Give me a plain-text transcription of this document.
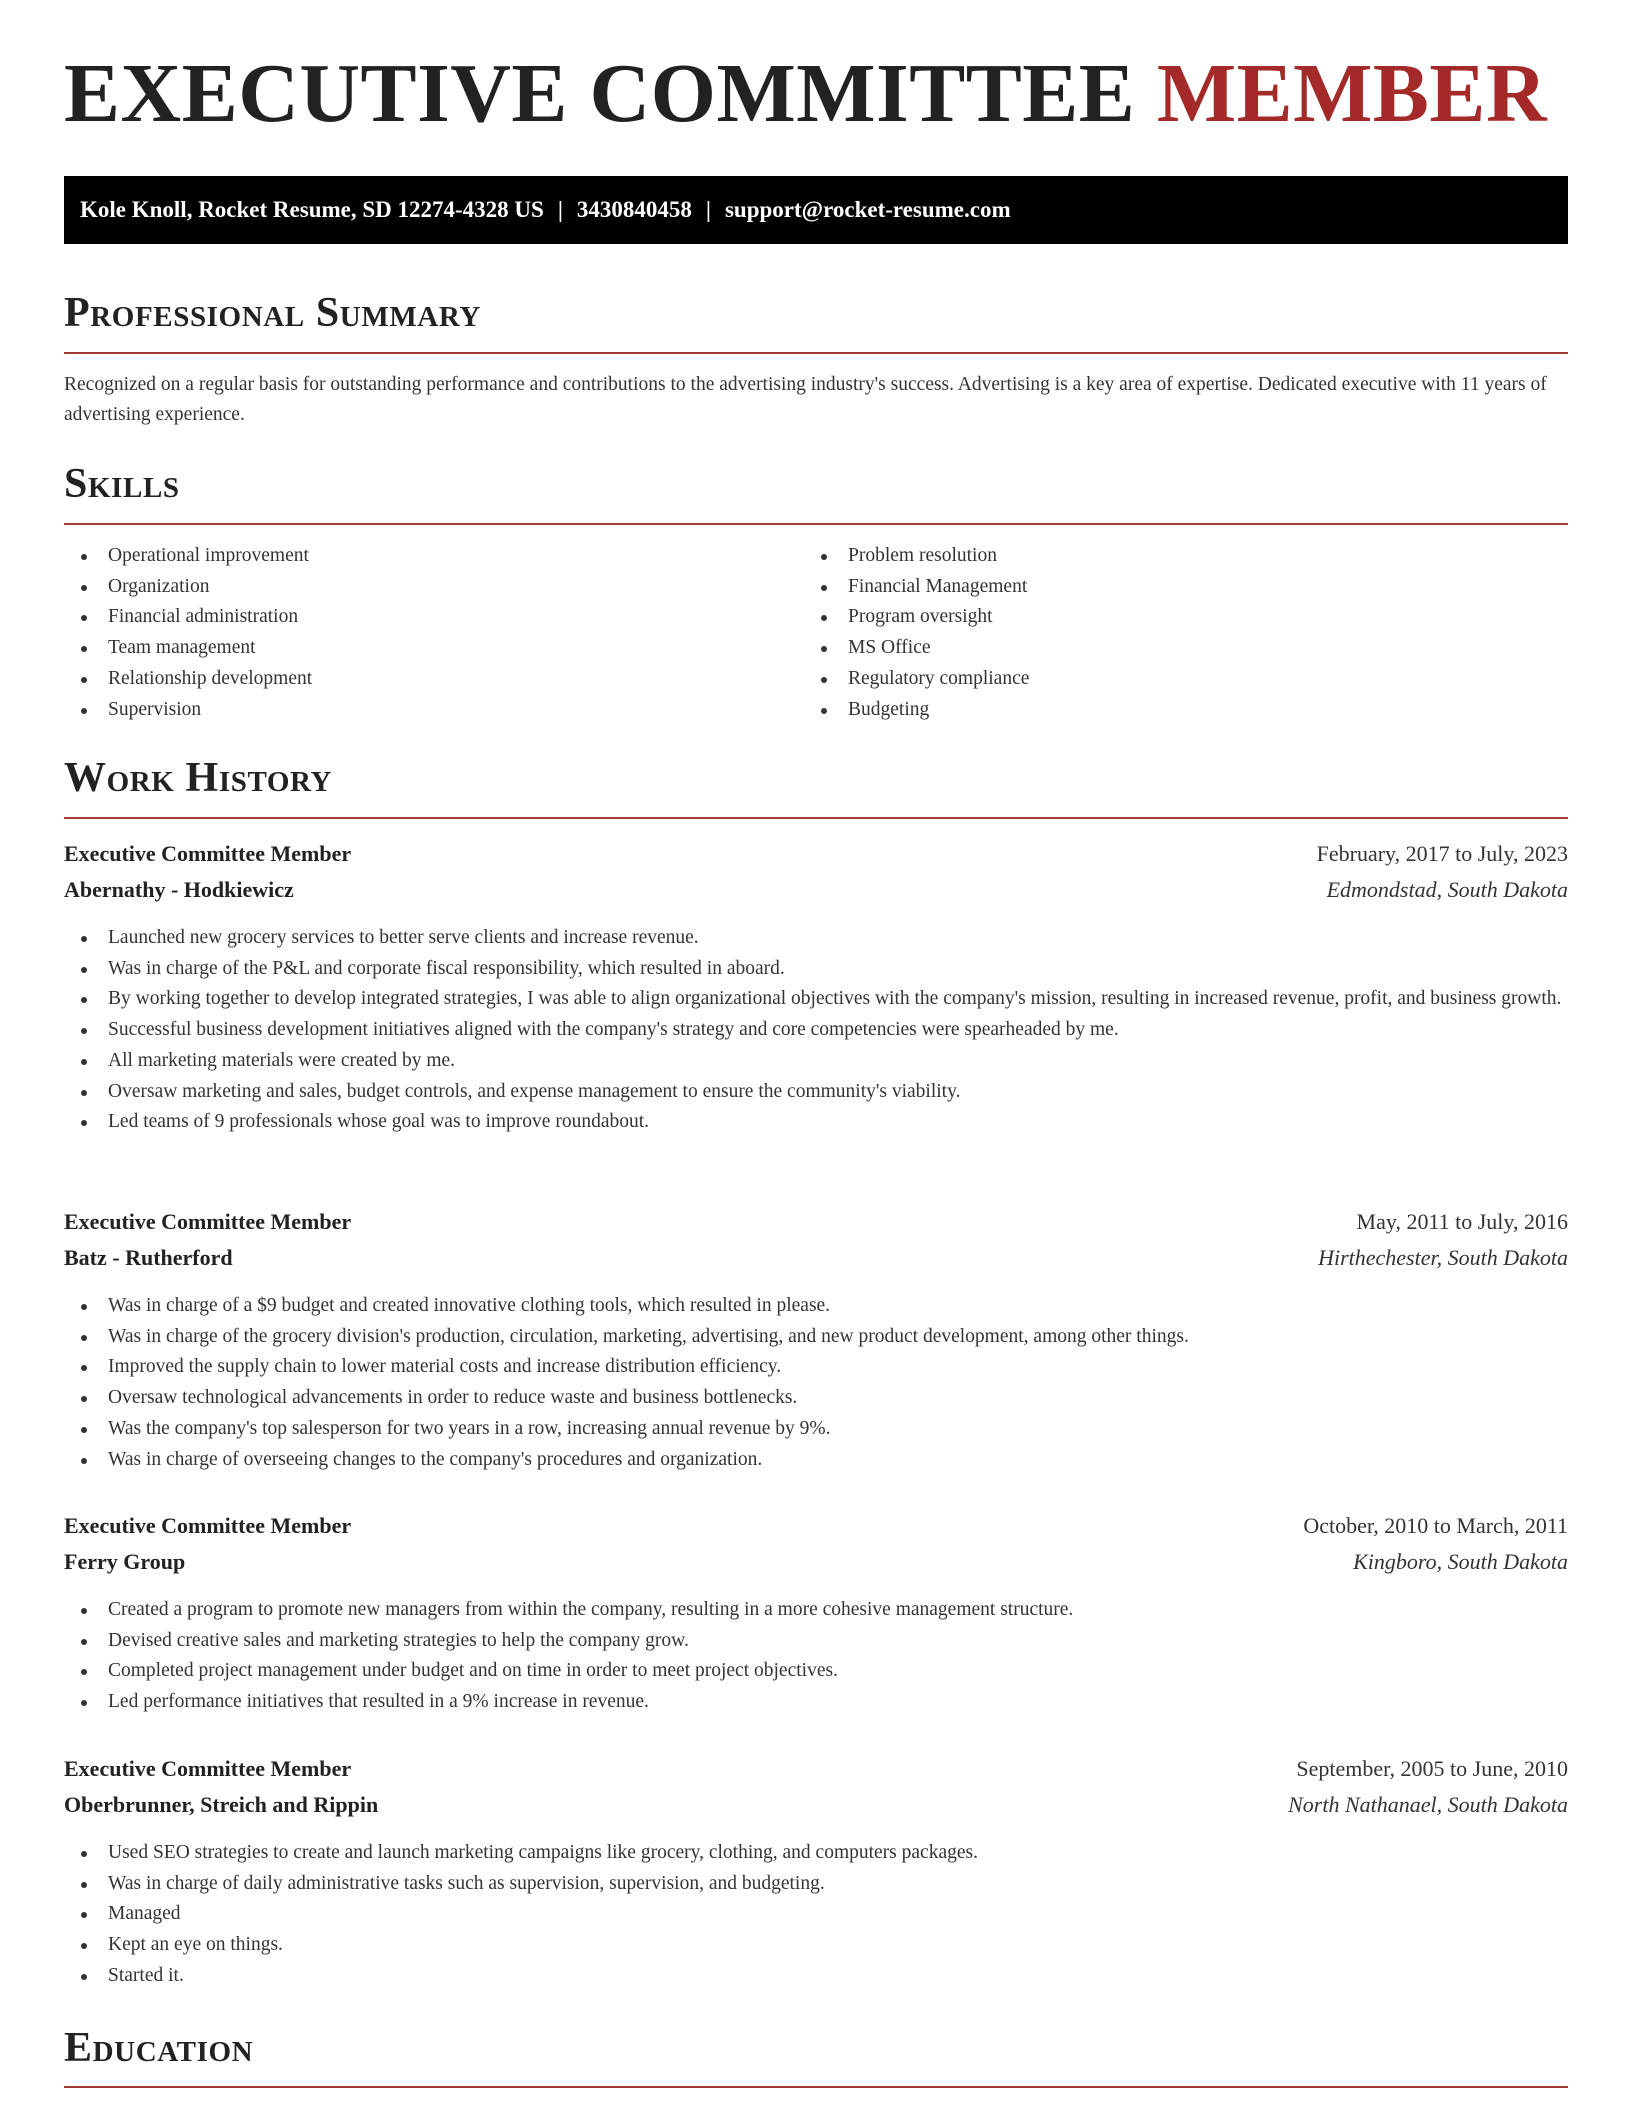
EXECUTIVE COMMITTEE MEMBER
Kole Knoll, Rocket Resume, SD 12274-4328 US | 3430840458 | support@rocket-resume.com
Professional Summary
Recognized on a regular basis for outstanding performance and contributions to the advertising industry's success. Advertising is a key area of expertise. Dedicated executive with 11 years of advertising experience.
Skills
Operational improvement
Organization
Financial administration
Team management
Relationship development
Supervision
Problem resolution
Financial Management
Program oversight
MS Office
Regulatory compliance
Budgeting
Work History
Executive Committee Member	February, 2017 to July, 2023
Abernathy - Hodkiewicz	Edmondstad, South Dakota
Launched new grocery services to better serve clients and increase revenue.
Was in charge of the P&L and corporate fiscal responsibility, which resulted in aboard.
By working together to develop integrated strategies, I was able to align organizational objectives with the company's mission, resulting in increased revenue, profit, and business growth.
Successful business development initiatives aligned with the company's strategy and core competencies were spearheaded by me.
All marketing materials were created by me.
Oversaw marketing and sales, budget controls, and expense management to ensure the community's viability.
Led teams of 9 professionals whose goal was to improve roundabout.
Executive Committee Member	May, 2011 to July, 2016
Batz - Rutherford	Hirthechester, South Dakota
Was in charge of a $9 budget and created innovative clothing tools, which resulted in please.
Was in charge of the grocery division's production, circulation, marketing, advertising, and new product development, among other things.
Improved the supply chain to lower material costs and increase distribution efficiency.
Oversaw technological advancements in order to reduce waste and business bottlenecks.
Was the company's top salesperson for two years in a row, increasing annual revenue by 9%.
Was in charge of overseeing changes to the company's procedures and organization.
Executive Committee Member	October, 2010 to March, 2011
Ferry Group	Kingboro, South Dakota
Created a program to promote new managers from within the company, resulting in a more cohesive management structure.
Devised creative sales and marketing strategies to help the company grow.
Completed project management under budget and on time in order to meet project objectives.
Led performance initiatives that resulted in a 9% increase in revenue.
Executive Committee Member	September, 2005 to June, 2010
Oberbrunner, Streich and Rippin	North Nathanael, South Dakota
Used SEO strategies to create and launch marketing campaigns like grocery, clothing, and computers packages.
Was in charge of daily administrative tasks such as supervision, supervision, and budgeting.
Managed
Kept an eye on things.
Started it.
Education
